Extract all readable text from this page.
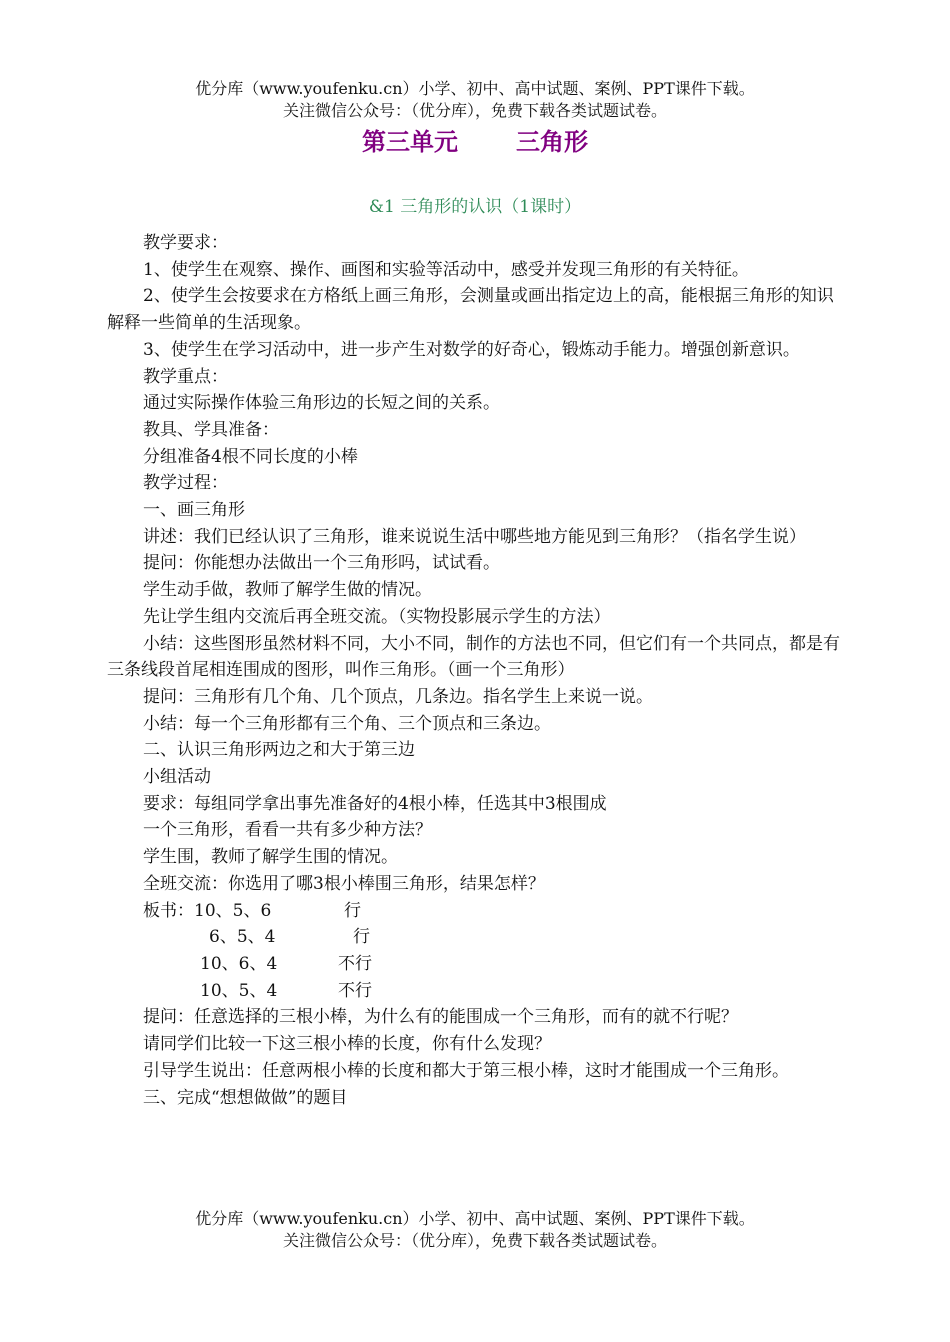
优分库（www.youfenku.cn）小学、初中、高中试题、案例、PPT课件下载。
关注微信公众号：（优分库），免费下载各类试题试卷。
第三单元 三角形
&1 三角形的认识（1课时）

教学要求：

1、使学生在观察、操作、画图和实验等活动中，感受并发现三角形的有关特征。

2、使学生会按要求在方格纸上画三角形，会测量或画出指定边上的高，能根据三角形的知识解释一些简单的生活现象。

3、使学生在学习活动中，进一步产生对数学的好奇心，锻炼动手能力。增强创新意识。

教学重点：

通过实际操作体验三角形边的长短之间的关系。

教具、学具准备：

分组准备4根不同长度的小棒

教学过程：

一、画三角形

讲述：我们已经认识了三角形，谁来说说生活中哪些地方能见到三角形？（指名学生说）

提问：你能想办法做出一个三角形吗，试试看。

学生动手做，教师了解学生做的情况。

先让学生组内交流后再全班交流。（实物投影展示学生的方法）

小结：这些图形虽然材料不同，大小不同，制作的方法也不同，但它们有一个共同点，都是有三条线段首尾相连围成的图形，叫作三角形。（画一个三角形）

提问：三角形有几个角、几个顶点，几条边。指名学生上来说一说。

小结：每一个三角形都有三个角、三个顶点和三条边。

二、认识三角形两边之和大于第三边

小组活动

要求：每组同学拿出事先准备好的4根小棒，任选其中3根围成

一个三角形，看看一共有多少种方法？

学生围，教师了解学生围的情况。

全班交流：你选用了哪3根小棒围三角形，结果怎样？

板书：10、5、6	行
6、5、4	行
10、6、4	不行
10、5、4	不行

提问：任意选择的三根小棒，为什么有的能围成一个三角形，而有的就不行呢？

请同学们比较一下这三根小棒的长度，你有什么发现？

引导学生说出：任意两根小棒的长度和都大于第三根小棒，这时才能围成一个三角形。

三、完成“想想做做”的题目

优分库（www.youfenku.cn）小学、初中、高中试题、案例、PPT课件下载。
关注微信公众号：（优分库），免费下载各类试题试卷。
